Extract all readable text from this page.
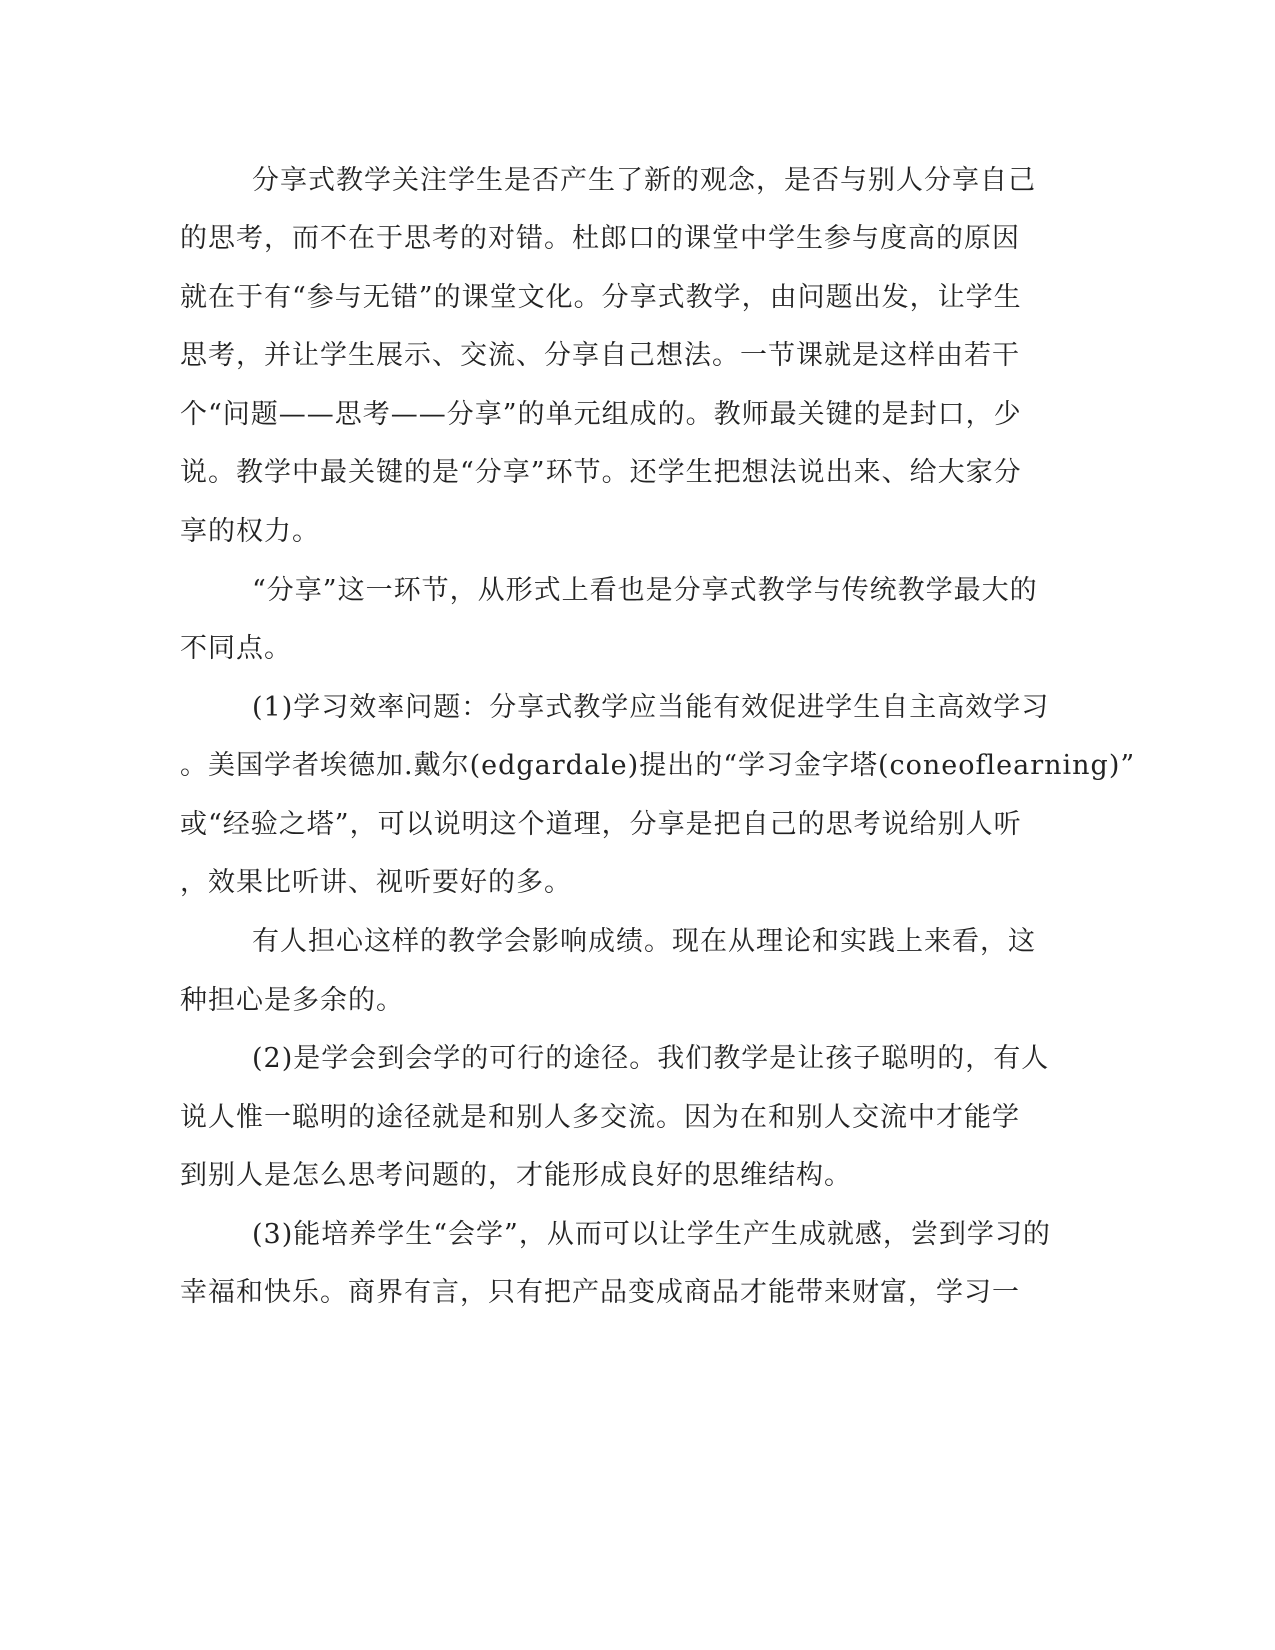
分享式教学关注学生是否产生了新的观念，是否与别人分享自己
的思考，而不在于思考的对错。杜郎口的课堂中学生参与度高的原因
就在于有“参与无错”的课堂文化。分享式教学，由问题出发，让学生
思考，并让学生展示、交流、分享自己想法。一节课就是这样由若干
个“问题——思考——分享”的单元组成的。教师最关键的是封口，少
说。教学中最关键的是“分享”环节。还学生把想法说出来、给大家分
享的权力。
“分享”这一环节，从形式上看也是分享式教学与传统教学最大的
不同点。
(1)学习效率问题：分享式教学应当能有效促进学生自主高效学习
。美国学者埃德加.戴尔(edgardale)提出的“学习金字塔(coneoflearning)”
或“经验之塔”，可以说明这个道理，分享是把自己的思考说给别人听
，效果比听讲、视听要好的多。
有人担心这样的教学会影响成绩。现在从理论和实践上来看，这
种担心是多余的。
(2)是学会到会学的可行的途径。我们教学是让孩子聪明的，有人
说人惟一聪明的途径就是和别人多交流。因为在和别人交流中才能学
到别人是怎么思考问题的，才能形成良好的思维结构。
(3)能培养学生“会学”，从而可以让学生产生成就感，尝到学习的
幸福和快乐。商界有言，只有把产品变成商品才能带来财富，学习一
